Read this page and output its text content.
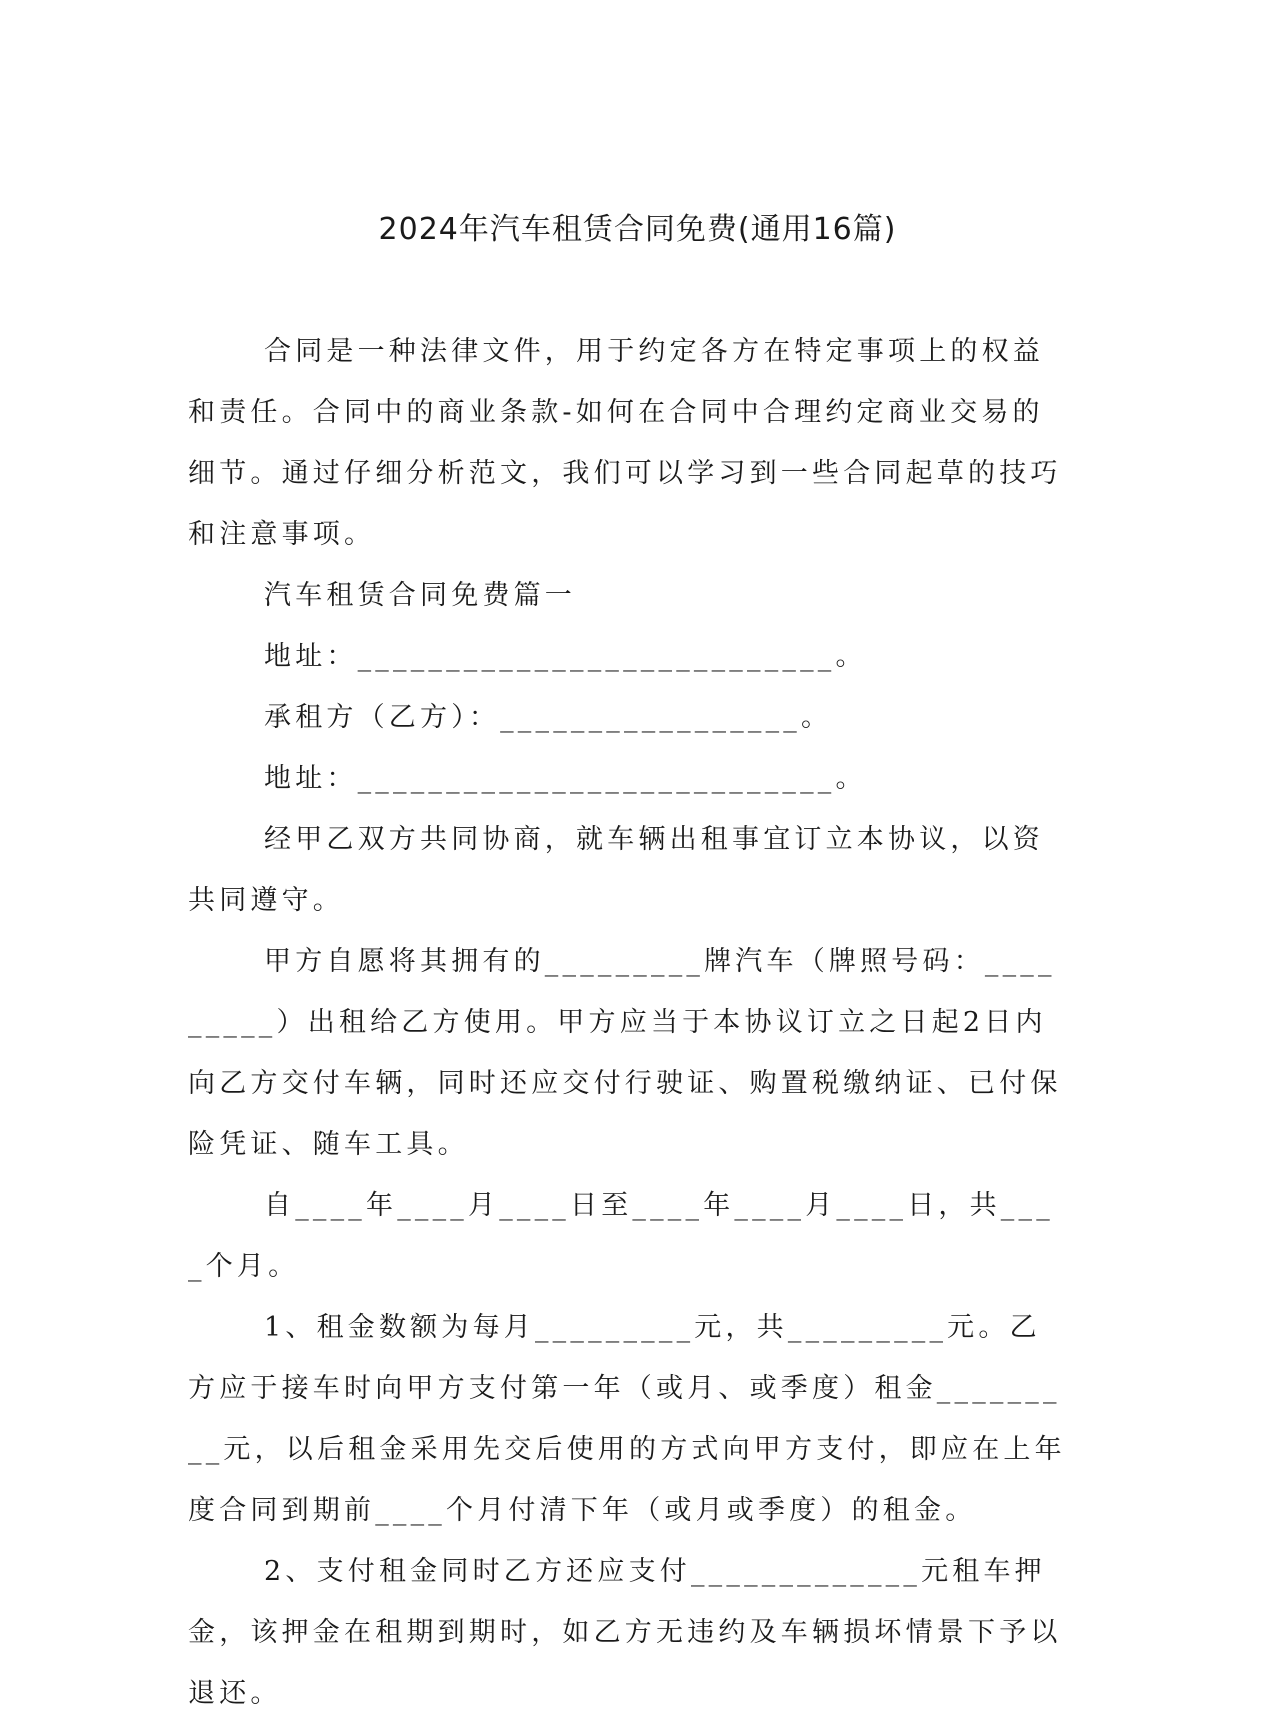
2024年汽车租赁合同免费(通用16篇)

合同是一种法律文件，用于约定各方在特定事项上的权益和责任。合同中的商业条款-如何在合同中合理约定商业交易的细节。通过仔细分析范文，我们可以学习到一些合同起草的技巧和注意事项。

汽车租赁合同免费篇一

地址：___________________________。

承租方（乙方）：_________________。

地址：___________________________。

经甲乙双方共同协商，就车辆出租事宜订立本协议，以资共同遵守。

甲方自愿将其拥有的_________牌汽车（牌照号码：_________）出租给乙方使用。甲方应当于本协议订立之日起2日内向乙方交付车辆，同时还应交付行驶证、购置税缴纳证、已付保险凭证、随车工具。

自____年____月____日至____年____月____日，共____个月。

1、租金数额为每月_________元，共_________元。乙方应于接车时向甲方支付第一年（或月、或季度）租金_________元，以后租金采用先交后使用的方式向甲方支付，即应在上年度合同到期前____个月付清下年（或月或季度）的租金。

2、支付租金同时乙方还应支付_____________元租车押金，该押金在租期到期时，如乙方无违约及车辆损坏情景下予以退还。
